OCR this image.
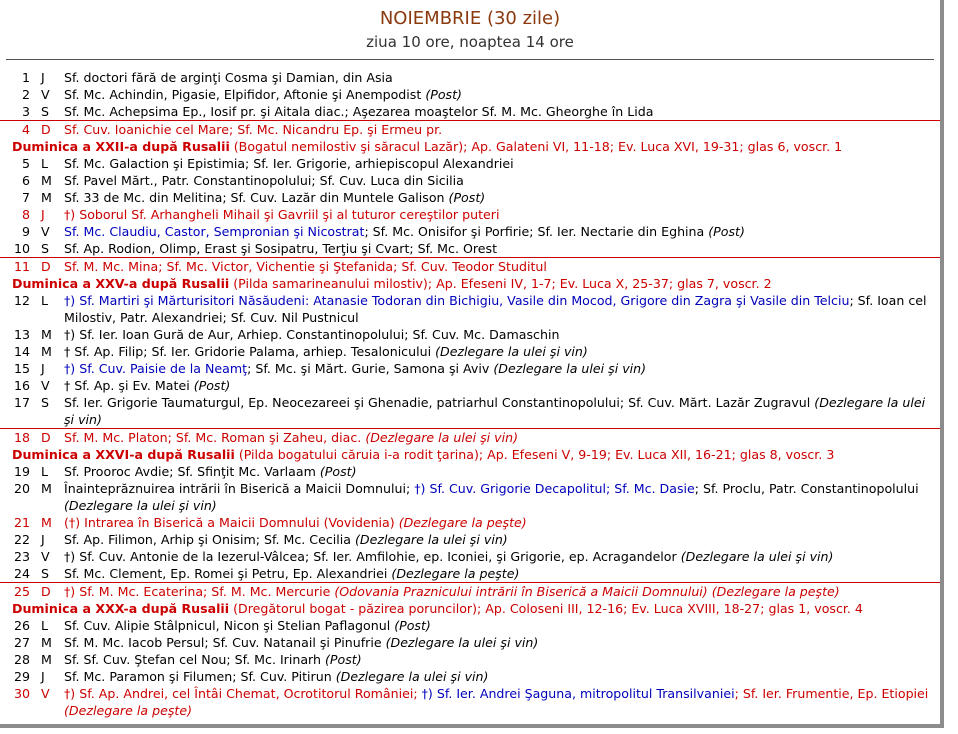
NOIEMBRIE (30 zile)
ziua 10 ore, noaptea 14 ore
1 J	Sf. doctori fără de arginţi Cosma şi Damian, din Asia
2 V	Sf. Mc. Achindin, Pigasie, Elpifidor, Aftonie şi Anempodist (Post)
3 S	Sf. Mc. Achepsima Ep., Iosif pr. şi Aitala diac.; Aşezarea moaştelor Sf. M. Mc. Gheorghe în Lida
4 D	Sf. Cuv. Ioanichie cel Mare; Sf. Mc. Nicandru Ep. şi Ermeu pr.
Duminica a XXII-a după Rusalii (Bogatul nemilostiv şi săracul Lazăr); Ap. Galateni VI, 11-18; Ev. Luca XVI, 19-31; glas 6, voscr. 1
5 L	Sf. Mc. Galaction şi Epistimia; Sf. Ier. Grigorie, arhiepiscopul Alexandriei
6 M Sf. Pavel Mărt., Patr. Constantinopolului; Sf. Cuv. Luca din Sicilia
7 M Sf. 33 de Mc. din Melitina; Sf. Cuv. Lazăr din Muntele Galison (Post)
8 J	†) Soborul Sf. Arhangheli Mihail şi Gavriil şi al tuturor cereştilor puteri
9 V	Sf. Mc. Claudiu, Castor, Sempronian şi Nicostrat; Sf. Mc. Onisifor şi Porfirie; Sf. Ier. Nectarie din Eghina (Post)
10 S	Sf. Ap. Rodion, Olimp, Erast şi Sosipatru, Terţiu şi Cvart; Sf. Mc. Orest
11 D	Sf. M. Mc. Mina; Sf. Mc. Victor, Vichentie şi Ştefanida; Sf. Cuv. Teodor Studitul
Duminica a XXV-a după Rusalii (Pilda samarineanului milostiv); Ap. Efeseni IV, 1-7; Ev. Luca X, 25-37; glas 7, voscr. 2
12 L	†) Sf. Martiri şi Mărturisitori Năsăudeni: Atanasie Todoran din Bichigiu, Vasile din Mocod, Grigore din Zagra şi Vasile din Telciu; Sf. Ioan cel Milostiv, Patr. Alexandriei; Sf. Cuv. Nil Pustnicul
13 M †) Sf. Ier. Ioan Gură de Aur, Arhiep. Constantinopolului; Sf. Cuv. Mc. Damaschin
14 M † Sf. Ap. Filip; Sf. Ier. Gridorie Palama, arhiep. Tesalonicului (Dezlegare la ulei şi vin)
15 J	†) Sf. Cuv. Paisie de la Neamţ; Sf. Mc. şi Mărt. Gurie, Samona şi Aviv (Dezlegare la ulei şi vin)
16 V	† Sf. Ap. şi Ev. Matei (Post)
17 S	Sf. Ier. Grigorie Taumaturgul, Ep. Neocezareei şi Ghenadie, patriarhul Constantinopolului; Sf. Cuv. Mărt. Lazăr Zugravul (Dezlegare la ulei şi vin)
18 D	Sf. M. Mc. Platon; Sf. Mc. Roman şi Zaheu, diac. (Dezlegare la ulei şi vin)
Duminica a XXVI-a după Rusalii (Pilda bogatului căruia i-a rodit ţarina); Ap. Efeseni V, 9-19; Ev. Luca XII, 16-21; glas 8, voscr. 3
19 L	Sf. Prooroc Avdie; Sf. Sfinţit Mc. Varlaam (Post)
20 M Înainteprăznuirea intrării în Biserică a Maicii Domnului; †) Sf. Cuv. Grigorie Decapolitul; Sf. Mc. Dasie; Sf. Proclu, Patr. Constantinopolului (Dezlegare la ulei şi vin)
21 M (†) Intrarea în Biserică a Maicii Domnului (Vovidenia) (Dezlegare la peşte)
22 J	Sf. Ap. Filimon, Arhip şi Onisim; Sf. Mc. Cecilia (Dezlegare la ulei şi vin)
23 V	†) Sf. Cuv. Antonie de la Iezerul-Vâlcea; Sf. Ier. Amfilohie, ep. Iconiei, şi Grigorie, ep. Acragandelor (Dezlegare la ulei şi vin)
24 S	Sf. Mc. Clement, Ep. Romei şi Petru, Ep. Alexandriei (Dezlegare la peşte)
25 D	†) Sf. M. Mc. Ecaterina; Sf. M. Mc. Mercurie (Odovania Praznicului intrării în Biserică a Maicii Domnului) (Dezlegare la peşte)
Duminica a XXX-a după Rusalii (Dregătorul bogat - păzirea poruncilor); Ap. Coloseni III, 12-16; Ev. Luca XVIII, 18-27; glas 1, voscr. 4
26 L	Sf. Cuv. Alipie Stâlpnicul, Nicon şi Stelian Paflagonul (Post)
27 M Sf. M. Mc. Iacob Persul; Sf. Cuv. Natanail şi Pinufrie (Dezlegare la ulei şi vin)
28 M Sf. Sf. Cuv. Ştefan cel Nou; Sf. Mc. Irinarh (Post)
29 J	Sf. Mc. Paramon şi Filumen; Sf. Cuv. Pitirun (Dezlegare la ulei şi vin)
30 V	†) Sf. Ap. Andrei, cel Întâi Chemat, Ocrotitorul României; †) Sf. Ier. Andrei Şaguna, mitropolitul Transilvaniei; Sf. Ier. Frumentie, Ep. Etiopiei (Dezlegare la peşte)
